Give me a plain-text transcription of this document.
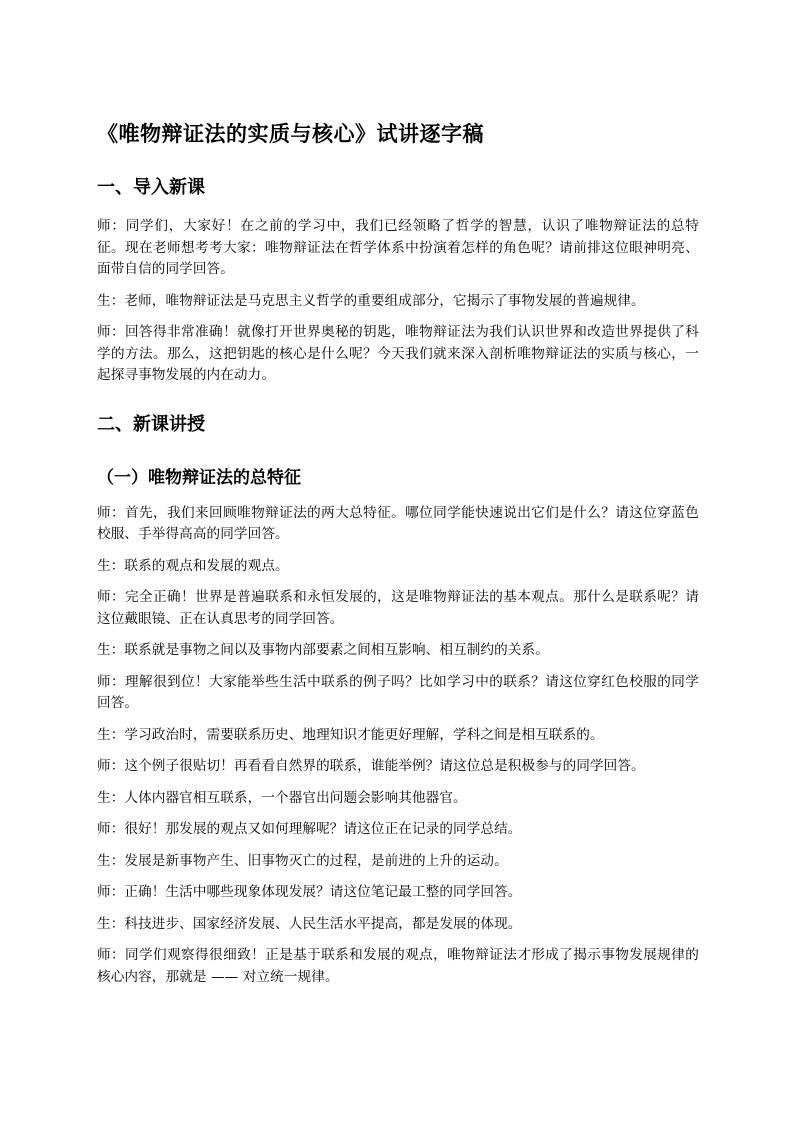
《唯物辩证法的实质与核心》试讲逐字稿
一、导入新课

师：同学们，大家好！在之前的学习中，我们已经领略了哲学的智慧，认识了唯物辩证法的总特征。现在老师想考考大家：唯物辩证法在哲学体系中扮演着怎样的角色呢？请前排这位眼神明亮、面带自信的同学回答。

生：老师，唯物辩证法是马克思主义哲学的重要组成部分，它揭示了事物发展的普遍规律。

师：回答得非常准确！就像打开世界奥秘的钥匙，唯物辩证法为我们认识世界和改造世界提供了科学的方法。那么，这把钥匙的核心是什么呢？今天我们就来深入剖析唯物辩证法的实质与核心，一起探寻事物发展的内在动力。

二、新课讲授
（一）唯物辩证法的总特征

师：首先，我们来回顾唯物辩证法的两大总特征。哪位同学能快速说出它们是什么？请这位穿蓝色校服、手举得高高的同学回答。

生：联系的观点和发展的观点。

师：完全正确！世界是普遍联系和永恒发展的，这是唯物辩证法的基本观点。那什么是联系呢？请这位戴眼镜、正在认真思考的同学回答。

生：联系就是事物之间以及事物内部要素之间相互影响、相互制约的关系。

师：理解很到位！大家能举些生活中联系的例子吗？比如学习中的联系？请这位穿红色校服的同学回答。

生：学习政治时，需要联系历史、地理知识才能更好理解，学科之间是相互联系的。

师：这个例子很贴切！再看看自然界的联系，谁能举例？请这位总是积极参与的同学回答。

生：人体内器官相互联系，一个器官出问题会影响其他器官。

师：很好！那发展的观点又如何理解呢？请这位正在记录的同学总结。

生：发展是新事物产生、旧事物灭亡的过程，是前进的上升的运动。

师：正确！生活中哪些现象体现发展？请这位笔记最工整的同学回答。

生：科技进步、国家经济发展、人民生活水平提高，都是发展的体现。

师：同学们观察得很细致！正是基于联系和发展的观点，唯物辩证法才形成了揭示事物发展规律的核心内容，那就是 —— 对立统一规律。
